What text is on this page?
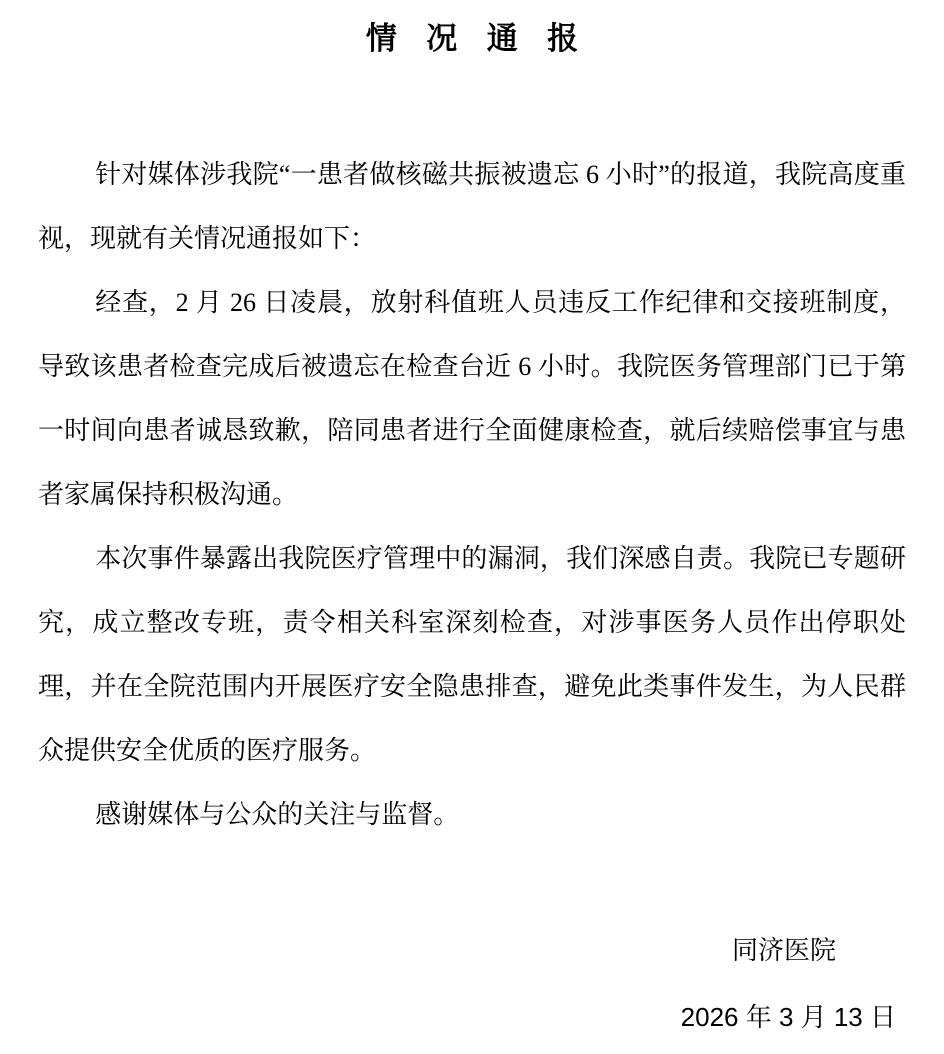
情 况 通 报

针对媒体涉我院“一患者做核磁共振被遗忘 6 小时”的报道，我院高度重视，现就有关情况通报如下：

经查，2 月 26 日凌晨，放射科值班人员违反工作纪律和交接班制度，导致该患者检查完成后被遗忘在检查台近 6 小时。我院医务管理部门已于第一时间向患者诚恳致歉，陪同患者进行全面健康检查，就后续赔偿事宜与患者家属保持积极沟通。

本次事件暴露出我院医疗管理中的漏洞，我们深感自责。我院已专题研究，成立整改专班，责令相关科室深刻检查，对涉事医务人员作出停职处理，并在全院范围内开展医疗安全隐患排查，避免此类事件发生，为人民群众提供安全优质的医疗服务。

感谢媒体与公众的关注与监督。

同济医院

2026 年 3 月 13 日
